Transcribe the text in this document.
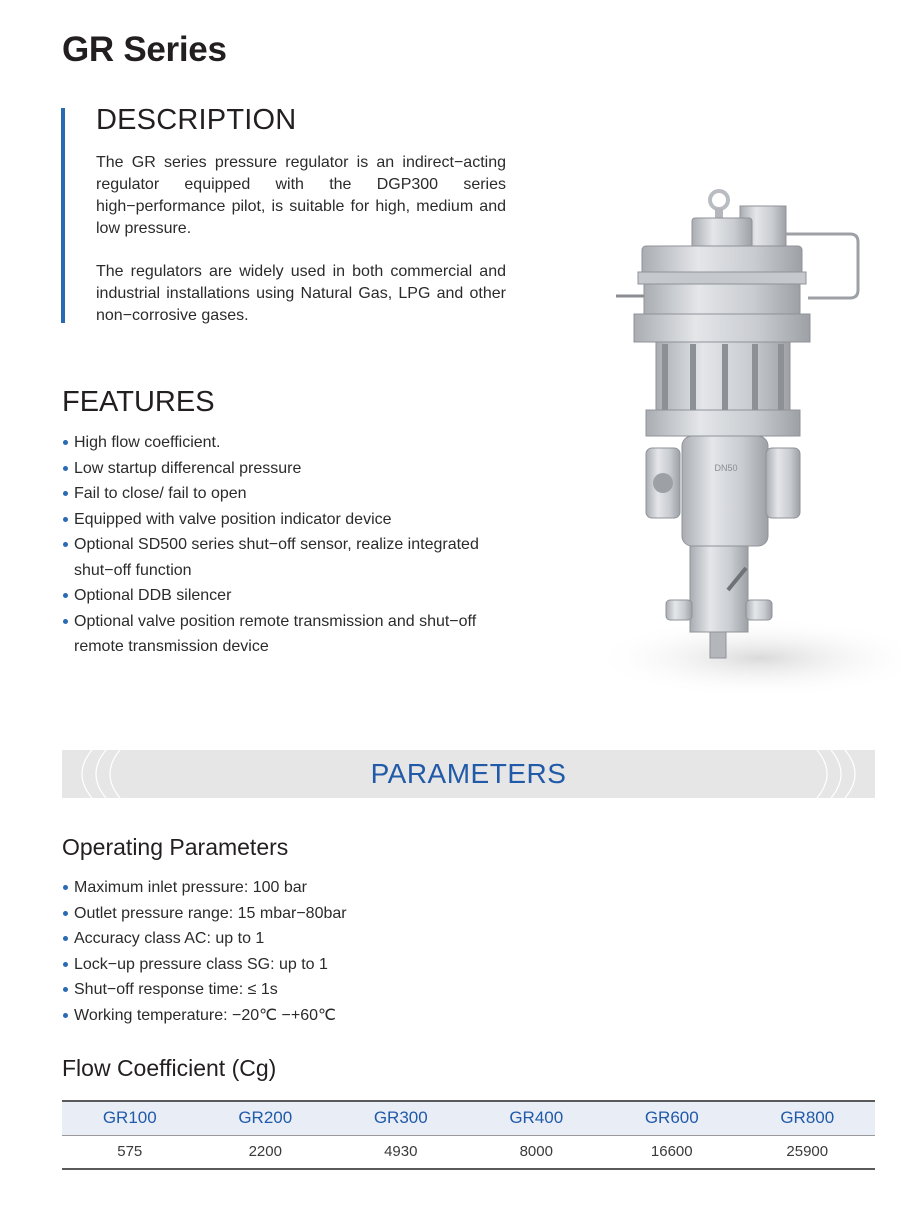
GR Series
DESCRIPTION

The GR series pressure regulator is an indirect−acting regulator equipped with the DGP300 series high−performance pilot, is suitable for high, medium and low pressure.

The regulators are widely used in both commercial and industrial installations using Natural Gas, LPG and other non−corrosive gases.

FEATURES
High flow coefficient.
Low startup differencal pressure
Fail to close/ fail to open
Equipped with valve position indicator device
Optional SD500 series shut−off sensor, realize integrated shut−off function
Optional DDB silencer
Optional valve position remote transmission and shut−off remote transmission device
DN50
PARAMETERS
Operating Parameters
Maximum inlet pressure: 100 bar
Outlet pressure range: 15 mbar−80bar
Accuracy class AC: up to 1
Lock−up pressure class SG: up to 1
Shut−off response time: ≤ 1s
Working temperature: −20℃ −+60℃
Flow Coefficient (Cg)
GR100	GR200	GR300	GR400	GR600	GR800
575	2200	4930	8000	16600	25900
